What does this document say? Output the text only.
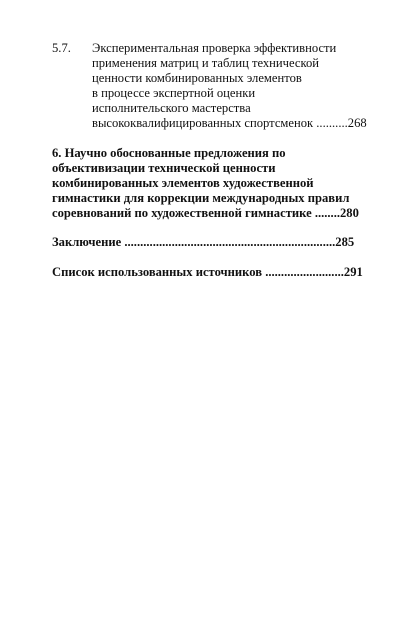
5.7. Экспериментальная проверка эффективности
применения матриц и таблиц технической
ценности комбинированных элементов
в процессе экспертной оценки
исполнительского мастерства
высококвалифицированных спортсменок ..........268
6. Научно обоснованные предложения по
объективизации технической ценности
комбинированных элементов художественной
гимнастики для коррекции международных правил
соревнований по художественной гимнастике ........280
Заключение ...................................................................285
Список использованных источников .........................291
